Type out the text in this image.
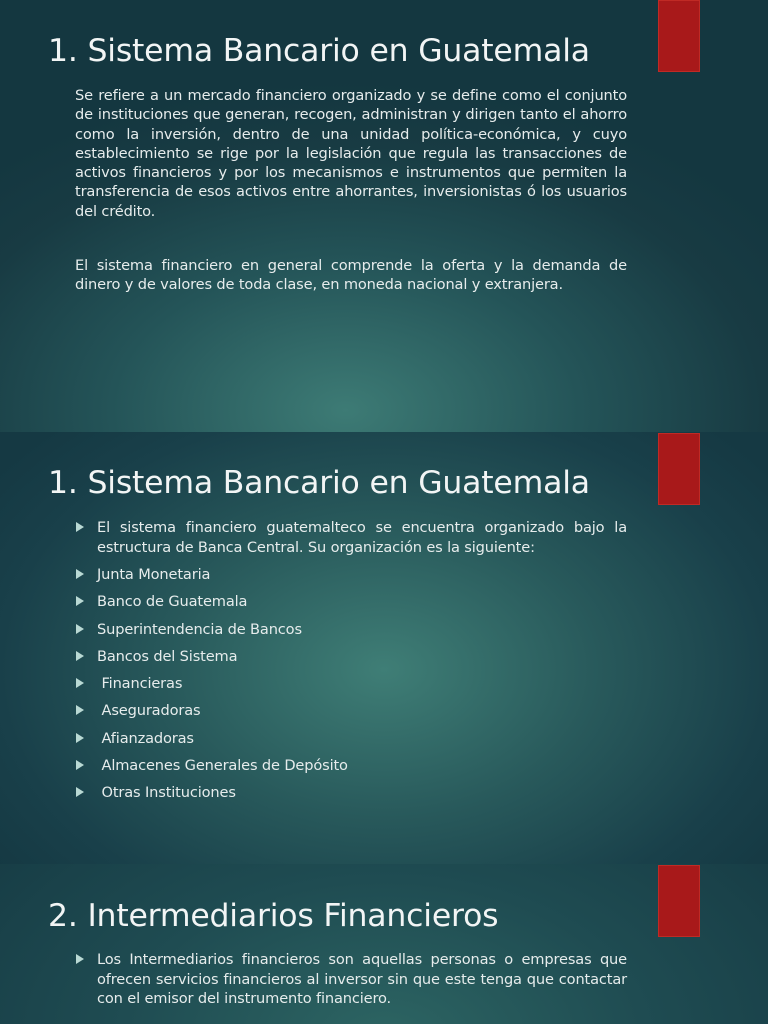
1. Sistema Bancario en Guatemala

Se refiere a un mercado financiero organizado y se define como el conjunto de instituciones que generan, recogen, administran y dirigen tanto el ahorro como la inversión, dentro de una unidad política-económica, y cuyo establecimiento se rige por la legislación que regula las transacciones de activos financieros y por los mecanismos e instrumentos que permiten la transferencia de esos activos entre ahorrantes, inversionistas ó los usuarios del crédito.

El sistema financiero en general comprende la oferta y la demanda de dinero y de valores de toda clase, en moneda nacional y extranjera.

1. Sistema Bancario en Guatemala
El sistema financiero guatemalteco se encuentra organizado bajo la estructura de Banca Central. Su organización es la siguiente:
Junta Monetaria
Banco de Guatemala
Superintendencia de Bancos
Bancos del Sistema
Financieras
Aseguradoras
Afianzadoras
Almacenes Generales de Depósito
Otras Instituciones
2. Intermediarios Financieros
Los Intermediarios financieros son aquellas personas o empresas que ofrecen servicios financieros al inversor sin que este tenga que contactar con el emisor del instrumento financiero.
